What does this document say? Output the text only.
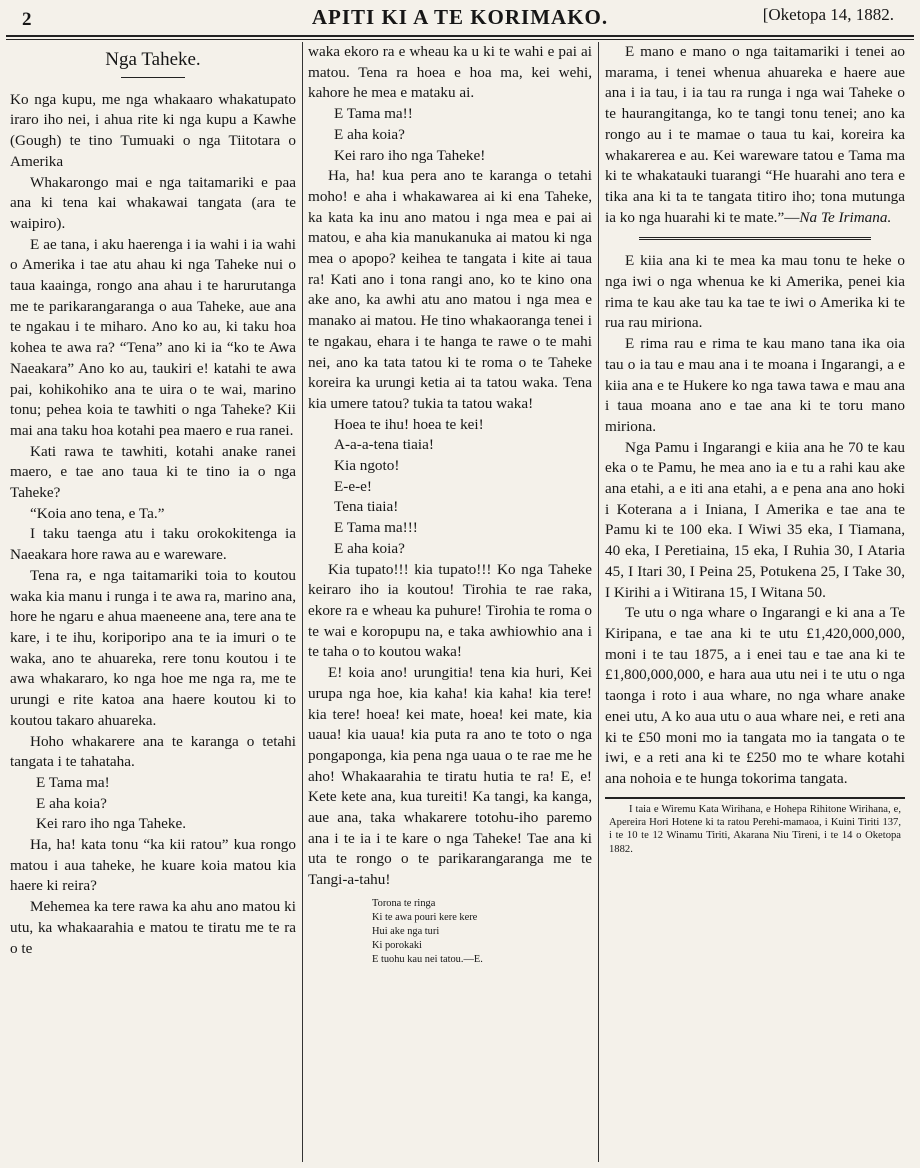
2	APITI KI A TE KORIMAKO.	[Oketopa 14, 1882.
Nga Taheke.

Ko nga kupu, me nga whakaaro whakatupato iraro iho nei, i ahua rite ki nga kupu a Kawhe (Gough) te tino Tumuaki o nga Tiitotara o Amerika

Whakarongo mai e nga taitamariki e paa ana ki tena kai whakawai tangata (ara te waipiro).

E ae tana, i aku haerenga i ia wahi i ia wahi o Amerika i tae atu ahau ki nga Taheke nui o taua kaainga, rongo ana ahau i te harurutanga me te parikarangaranga o aua Taheke, aue ana te ngakau i te miharo. Ano ko au, ki taku hoa kohea te awa ra? “Tena” ano ki ia “ko te Awa Naeakara” Ano ko au, taukiri e! katahi te awa pai, kohikohiko ana te uira o te wai, marino tonu; pehea koia te tawhiti o nga Taheke? Kii mai ana taku hoa kotahi pea maero e rua ranei.

Kati rawa te tawhiti, kotahi anake ranei maero, e tae ano taua ki te tino ia o nga Taheke?

“Koia ano tena, e Ta.”

I taku taenga atu i taku orokokitenga ia Naeakara hore rawa au e wareware.

Tena ra, e nga taitamariki toia to koutou waka kia manu i runga i te awa ra, marino ana, hore he ngaru e ahua maeneene ana, tere ana te kare, i te ihu, koriporipo ana te ia imuri o te waka, ano te ahuareka, rere tonu koutou i te awa whakararo, ko nga hoe me nga ra, me te urungi e rite katoa ana haere koutou ki to koutou takaro ahuareka.

Hoho whakarere ana te karanga o tetahi tangata i te tahataha.

E Tama ma!

E aha koia?

Kei raro iho nga Taheke.

Ha, ha! kata tonu “ka kii ratou” kua rongo matou i aua taheke, he kuare koia matou kia haere ki reira?

Mehemea ka tere rawa ka ahu ano matou ki utu, ka whakaarahia e matou te tiratu me te ra o te

waka ekoro ra e wheau ka u ki te wahi e pai ai matou. Tena ra hoea e hoa ma, kei wehi, kahore he mea e mataku ai.

E Tama ma!!

E aha koia?

Kei raro iho nga Taheke!

Ha, ha! kua pera ano te karanga o tetahi moho! e aha i whakawarea ai ki ena Taheke, ka kata ka inu ano matou i nga mea e pai ai matou, e aha kia manukanuka ai matou ki nga mea o apopo? keihea te tangata i kite ai taua ra! Kati ano i tona rangi ano, ko te kino ona ake ano, ka awhi atu ano matou i nga mea e manako ai matou. He tino whakaoranga tenei i te ngakau, ehara i te hanga te rawe o te mahi nei, ano ka tata tatou ki te roma o te Taheke koreira ka urungi ketia ai ta tatou waka. Tena kia umere tatou? tukia ta tatou waka!

Hoea te ihu! hoea te kei!

A-a-a-tena tiaia!

Kia ngoto!

E-e-e!

Tena tiaia!

E Tama ma!!!

E aha koia?

Kia tupato!!! kia tupato!!! Ko nga Taheke keiraro iho ia koutou! Tirohia te rae raka, ekore ra e wheau ka puhure! Tirohia te roma o te wai e koropupu na, e taka awhiowhio ana i te taha o to koutou waka!

E! koia ano! urungitia! tena kia huri, Kei urupa nga hoe, kia kaha! kia kaha! kia tere! kia tere! hoea! kei mate, hoea! kei mate, kia uaua! kia uaua! kia puta ra ano te toto o nga pongaponga, kia pena nga uaua o te rae me he aho! Whakaarahia te tiratu hutia te ra! E, e! Kete kete ana, kua tureiti! Ka tangi, ka kanga, aue ana, taka whakarere totohu-iho paremo ana i te ia i te kare o nga Taheke! Tae ana ki uta te rongo o te parikarangaranga me te Tangi-a-tahu!

Torona te ringa
Ki te awa pouri kere kere
Hui ake nga turi
Ki porokaki
E tuohu kau nei tatou.—E.

E mano e mano o nga taitamariki i tenei ao marama, i tenei whenua ahuareka e haere aue ana i ia tau, i ia tau ra runga i nga wai Taheke o te haurangitanga, ko te tangi tonu tenei; ano ka rongo au i te mamae o taua tu kai, koreira ka whakarerea e au. Kei wareware tatou e Tama ma ki te whakatauki tuarangi “He huarahi ano tera e tika ana ki ta te tangata titiro iho; tona mutunga ia ko nga huarahi ki te mate.”—Na Te Irimana.

E kiia ana ki te mea ka mau tonu te heke o nga iwi o nga whenua ke ki Amerika, penei kia rima te kau ake tau ka tae te iwi o Amerika ki te rua rau miriona.

E rima rau e rima te kau mano tana ika oia tau o ia tau e mau ana i te moana i Ingarangi, a e kiia ana e te Hukere ko nga tawa tawa e mau ana i taua moana ano e tae ana ki te toru mano miriona.

Nga Pamu i Ingarangi e kiia ana he 70 te kau eka o te Pamu, he mea ano ia e tu a rahi kau ake ana etahi, a e iti ana etahi, a e pena ana ano hoki i Koterana a i Iniana, I Amerika e tae ana te Pamu ki te 100 eka. I Wiwi 35 eka, I Tiamana, 40 eka, I Peretiaina, 15 eka, I Ruhia 30, I Ataria 45, I Itari 30, I Peina 25, Potukena 25, I Take 30, I Kirihi a i Witirana 15, I Witana 50.

Te utu o nga whare o Ingarangi e ki ana a Te Kiripana, e tae ana ki te utu £1,420,000,000, moni i te tau 1875, a i enei tau e tae ana ki te £1,800,000,000, e hara aua utu nei i te utu o nga taonga i roto i aua whare, no nga whare anake enei utu, A ko aua utu o aua whare nei, e reti ana ki te £50 moni mo ia tangata mo ia tangata o te iwi, e a reti ana ki te £250 mo te whare kotahi ana nohoia e te hunga tokorima tangata.

I taia e Wiremu Kata Wirihana, e Hohepa Rihitone Wirihana, e, Apereira Hori Hotene ki ta ratou Perehi-mamaoa, i Kuini Tiriti 137, i te 10 te 12 Winamu Tiriti, Akarana Niu Tireni, i te 14 o Oketopa 1882.
